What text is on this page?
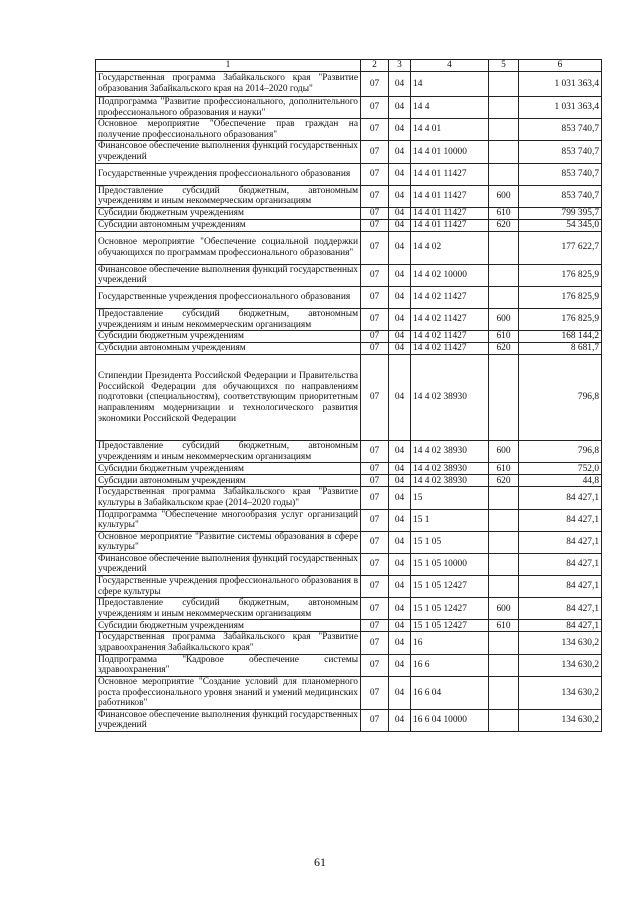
1	2	3	4	5	6
Государственная программа Забайкальского края "Развитие образования Забайкальского края на 2014–2020 годы"	07	04	14		1 031 363,4
Подпрограмма "Развитие профессионального, дополнительного профессионального образования и науки"	07	04	14 4		1 031 363,4
Основное мероприятие "Обеспечение прав граждан на получение профессионального образования"	07	04	14 4 01		853 740,7
Финансовое обеспечение выполнения функций государственных учреждений	07	04	14 4 01 10000		853 740,7
Государственные учреждения профессионального образования	07	04	14 4 01 11427		853 740,7
Предоставление субсидий бюджетным, автономным учреждениям и иным некоммерческим организациям	07	04	14 4 01 11427	600	853 740,7
Субсидии бюджетным учреждениям	07	04	14 4 01 11427	610	799 395,7
Субсидии автономным учреждениям	07	04	14 4 01 11427	620	54 345,0
Основное мероприятие "Обеспечение социальной поддержки обучающихся по программам профессионального образования"	07	04	14 4 02		177 622,7
Финансовое обеспечение выполнения функций государственных учреждений	07	04	14 4 02 10000		176 825,9
Государственные учреждения профессионального образования	07	04	14 4 02 11427		176 825,9
Предоставление субсидий бюджетным, автономным учреждениям и иным некоммерческим организациям	07	04	14 4 02 11427	600	176 825,9
Субсидии бюджетным учреждениям	07	04	14 4 02 11427	610	168 144,2
Субсидии автономным учреждениям	07	04	14 4 02 11427	620	8 681,7
Стипендии Президента Российской Федерации и Правительства Российской Федерации для обучающихся по направлениям подготовки (специальностям), соответствующим приоритетным направлениям модернизации и технологического развития экономики Российской Федерации	07	04	14 4 02 38930		796,8
Предоставление субсидий бюджетным, автономным учреждениям и иным некоммерческим организациям	07	04	14 4 02 38930	600	796,8
Субсидии бюджетным учреждениям	07	04	14 4 02 38930	610	752,0
Субсидии автономным учреждениям	07	04	14 4 02 38930	620	44,8
Государственная программа Забайкальского края "Развитие культуры в Забайкальском крае (2014–2020 годы)"	07	04	15		84 427,1
Подпрограмма "Обеспечение многообразия услуг организаций культуры"	07	04	15 1		84 427,1
Основное мероприятие "Развитие системы образования в сфере культуры"	07	04	15 1 05		84 427,1
Финансовое обеспечение выполнения функций государственных учреждений	07	04	15 1 05 10000		84 427,1
Государственные учреждения профессионального образования в сфере культуры	07	04	15 1 05 12427		84 427,1
Предоставление субсидий бюджетным, автономным учреждениям и иным некоммерческим организациям	07	04	15 1 05 12427	600	84 427,1
Субсидии бюджетным учреждениям	07	04	15 1 05 12427	610	84 427,1
Государственная программа Забайкальского края "Развитие здравоохранения Забайкальского края"	07	04	16		134 630,2
Подпрограмма "Кадровое обеспечение системы здравоохранения"	07	04	16 6		134 630,2
Основное мероприятие "Создание условий для планомерного роста профессионального уровня знаний и умений медицинских работников"	07	04	16 6 04		134 630,2
Финансовое обеспечение выполнения функций государственных учреждений	07	04	16 6 04 10000		134 630,2
61
